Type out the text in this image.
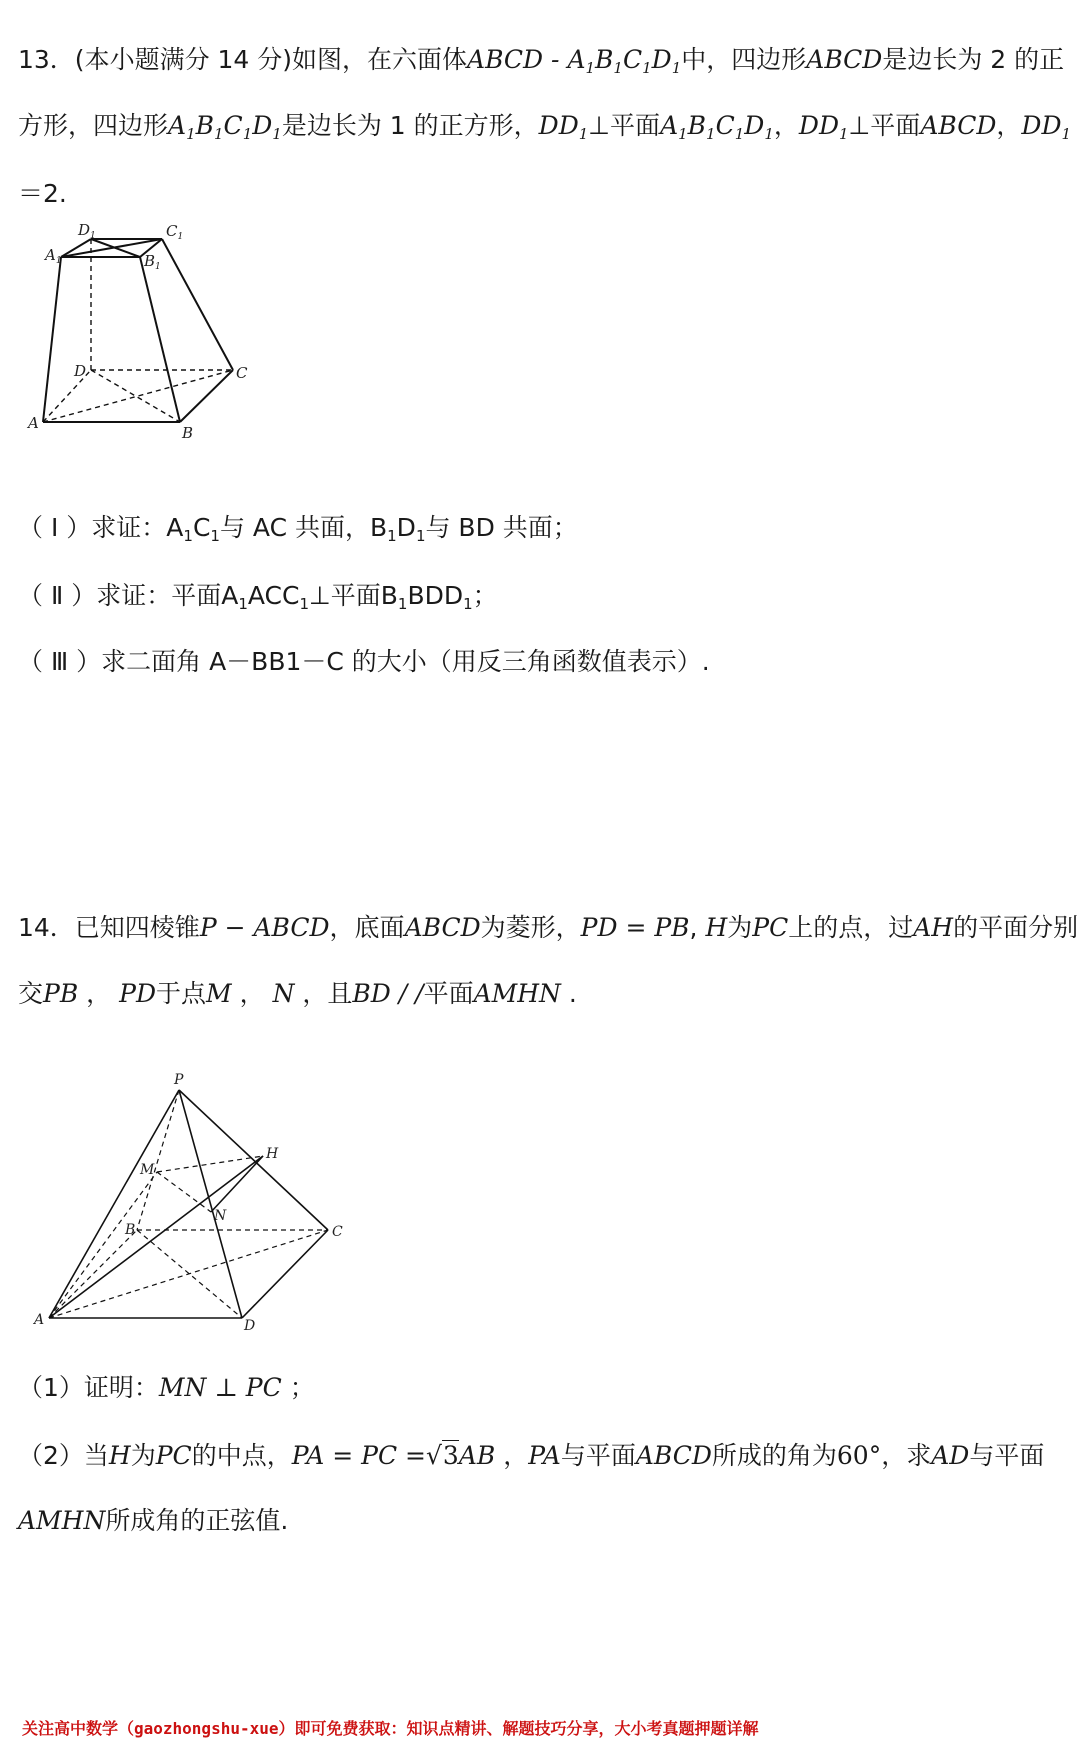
13．(本小题满分 14 分)如图，在六面体ABCD - $A_1B_1C_1D_1$中，四边形ABCD是边长为 2 的正
方形，四边形$A_1B_1C_1D_1$是边长为 1 的正方形，$DD_1\perp$平面$A_1B_1C_1D_1$，$DD_1\perp$平面ABCD，$DD_1$
＝2.
$D_1$	$C_1$
$A_1$	$B_1$
D	C
A
B
（ Ⅰ ）求证：$A_1C_1$与 AC 共面，$B_1D_1$与 BD 共面；
（ Ⅱ ）求证：平面$A_1ACC_1\perp$平面$B_1BDD_1$；
（ Ⅲ ）求二面角 A－BB1－C 的大小（用反三角函数值表示）.
14．已知四棱锥P − ABCD，底面ABCD为菱形，PD = PB, H为PC上的点，过AH的平面分别
交PB ， PD于点M ， N ，且BD / /平面AMHN .
P
M
H
N
B	C
A	D
（1）证明：MN ⊥ PC ；
（2）当H为PC的中点，PA = PC =√3AB ，PA与平面ABCD所成的角为60°，求AD与平面
AMHN所成角的正弦值.
关注高中数学（gaozhongshu-xue）即可免费获取：知识点精讲、解题技巧分享，大小考真题押题详解
